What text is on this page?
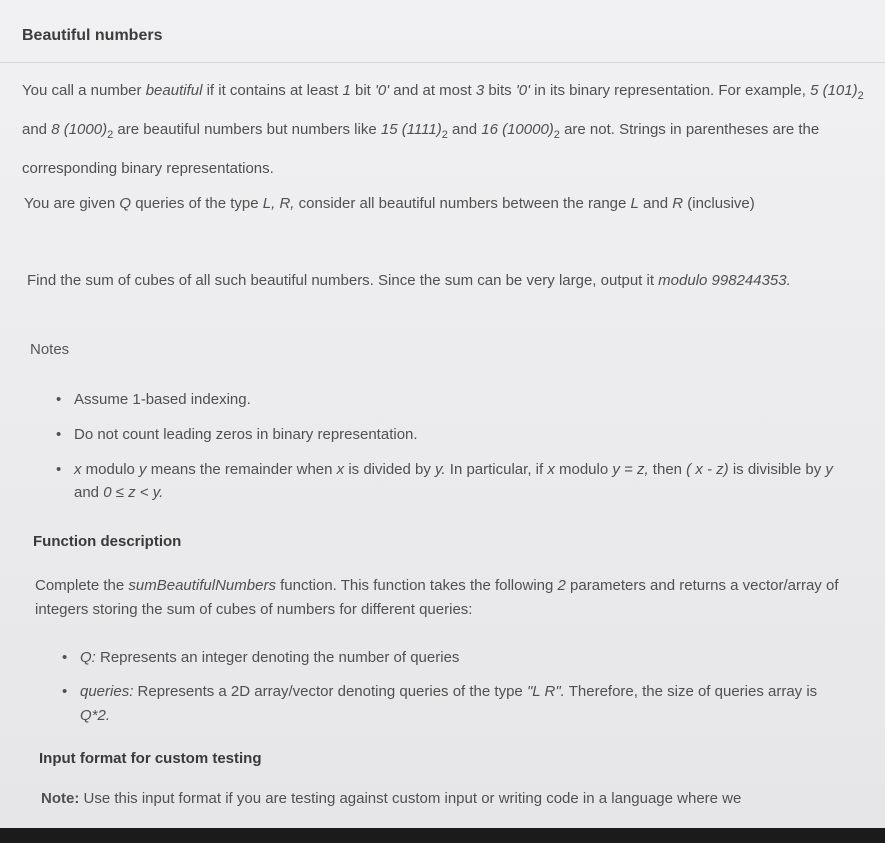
Beautiful numbers
You call a number beautiful if it contains at least 1 bit '0' and at most 3 bits '0' in its binary representation. For example, 5 $(101)_2$ and 8 $(1000)_2$ are beautiful numbers but numbers like 15 $(1111)_2$ and 16 $(10000)_2$ are not. Strings in parentheses are the corresponding binary representations.
You are given Q queries of the type L, R, consider all beautiful numbers between the range L and R (inclusive)
Find the sum of cubes of all such beautiful numbers. Since the sum can be very large, output it modulo 998244353.
Notes
• Assume 1-based indexing.
• Do not count leading zeros in binary representation.
• x modulo y means the remainder when x is divided by y. In particular, if x modulo y = z, then ( x - z) is divisible by y and 0 ≤ z < y.
Function description
Complete the sumBeautifulNumbers function. This function takes the following 2 parameters and returns a vector/array of integers storing the sum of cubes of numbers for different queries:
• Q: Represents an integer denoting the number of queries
• queries: Represents a 2D array/vector denoting queries of the type "L R". Therefore, the size of queries array is Q*2.
Input format for custom testing
Note: Use this input format if you are testing against custom input or writing code in a language where we
